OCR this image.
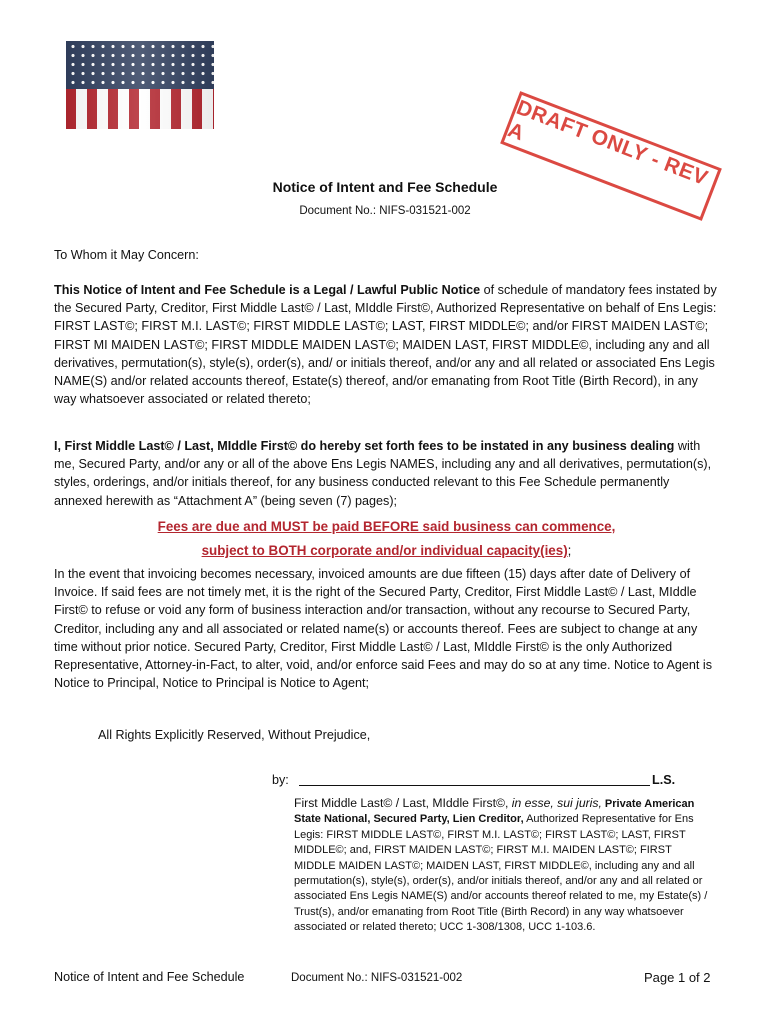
DRAFT ONLY - REV A
Notice of Intent and Fee Schedule
Document No.: NIFS-031521-002
To Whom it May Concern:
This Notice of Intent and Fee Schedule is a Legal / Lawful Public Notice of schedule of mandatory fees instated by the Secured Party, Creditor, First Middle Last© / Last, MIddle First©, Authorized Representative on behalf of Ens Legis: FIRST LAST©; FIRST M.I. LAST©; FIRST MIDDLE LAST©; LAST, FIRST MIDDLE©; and/or FIRST MAIDEN LAST©; FIRST MI MAIDEN LAST©; FIRST MIDDLE MAIDEN LAST©; MAIDEN LAST, FIRST MIDDLE©, including any and all derivatives, permutation(s), style(s), order(s), and/ or initials thereof, and/or any and all related or associated Ens Legis NAME(S) and/or related accounts thereof, Estate(s) thereof, and/or emanating from Root Title (Birth Record), in any way whatsoever associated or related thereto;
I, First Middle Last© / Last, MIddle First© do hereby set forth fees to be instated in any business dealing with me, Secured Party, and/or any or all of the above Ens Legis NAMES, including any and all derivatives, permutation(s), styles, orderings, and/or initials thereof, for any business conducted relevant to this Fee Schedule permanently annexed herewith as “Attachment A” (being seven (7) pages);
Fees are due and MUST be paid BEFORE said business can commence,
subject to BOTH corporate and/or individual capacity(ies);
In the event that invoicing becomes necessary, invoiced amounts are due fifteen (15) days after date of Delivery of Invoice. If said fees are not timely met, it is the right of the Secured Party, Creditor, First Middle Last© / Last, MIddle First© to refuse or void any form of business interaction and/or transaction, without any recourse to Secured Party, Creditor, including any and all associated or related name(s) or accounts thereof. Fees are subject to change at any time without prior notice. Secured Party, Creditor, First Middle Last© / Last, MIddle First© is the only Authorized Representative, Attorney-in-Fact, to alter, void, and/or enforce said Fees and may do so at any time. Notice to Agent is Notice to Principal, Notice to Principal is Notice to Agent;
All Rights Explicitly Reserved, Without Prejudice,
by:	L.S.
First Middle Last© / Last, MIddle First©, in esse, sui juris, Private American State National, Secured Party, Lien Creditor, Authorized Representative for Ens Legis: FIRST MIDDLE LAST©, FIRST M.I. LAST©; FIRST LAST©; LAST, FIRST MIDDLE©; and, FIRST MAIDEN LAST©; FIRST M.I. MAIDEN LAST©; FIRST MIDDLE MAIDEN LAST©; MAIDEN LAST, FIRST MIDDLE©, including any and all permutation(s), style(s), order(s), and/or initials thereof, and/or any and all related or associated Ens Legis NAME(S) and/or accounts thereof related to me, my Estate(s) / Trust(s), and/or emanating from Root Title (Birth Record) in any way whatsoever associated or related thereto; UCC 1-308/1308, UCC 1-103.6.
Notice of Intent and Fee Schedule	Document No.: NIFS-031521-002	Page 1 of 2
